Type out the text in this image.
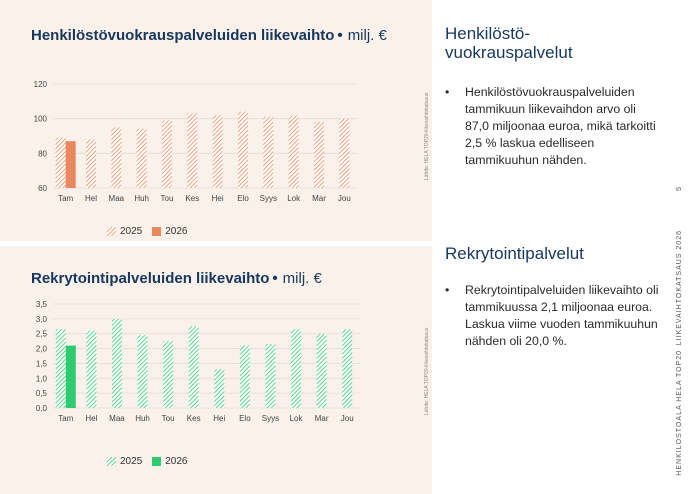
Henkilöstövuokrauspalveluiden liikevaihto • milj. €
Lähde: HELA TOP20-liikevaihtokatsaus
120
100
80
60
Tam Hel Maa Huh Tou Kes Hei Elo Syys Lok Mar Jou
2025 2026
Rekrytointipalveluiden liikevaihto • milj. €
Lähde: HELA TOP20-liikevaihtokatsaus
3,5
3,0
2,5
2,0
1,5
1,0
0,5
0,0
Tam Hel Maa Huh Tou Kes Hei Elo Syys Lok Mar Jou
2025 2026
Henkilöstö-
vuokrauspalvelut
•	Henkilöstövuokrauspalveluiden tammikuun liikevaihdon arvo oli 87,0 miljoonaa euroa, mikä tarkoitti 2,5 % laskua edelliseen tammikuuhun nähden.
Rekrytointipalvelut
•	Rekrytointipalveluiden liikevaihto oli tammikuussa 2,1 miljoonaa euroa. Laskua viime vuoden tammikuuhun nähden oli 20,0 %.
5
LIIKEVAIHTOKATSAUS 2026
HENKILÖSTÖALA HELA TOP20
